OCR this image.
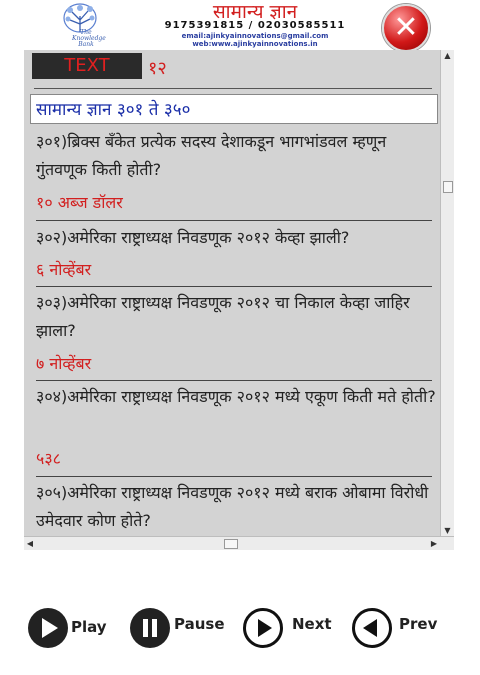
The Knowledge Bank
सामान्य ज्ञान
9175391815 / 02030585511
email:ajinkyainnovations@gmail.com
web:www.ajinkyainnovations.in	✕
TEXT	१२
सामान्य ज्ञान ३०१ ते ३५०
३०१)ब्रिक्स बँकेत प्रत्येक सदस्य देशाकडून भागभांडवल म्हणून गुंतवणूक किती होती?
१० अब्ज डॉलर
३०२)अमेरिका राष्ट्राध्यक्ष निवडणूक २०१२ केव्हा झाली?
६ नोव्हेंबर
३०३)अमेरिका राष्ट्राध्यक्ष निवडणूक २०१२ चा निकाल केव्हा जाहिर झाला?
७ नोव्हेंबर
३०४)अमेरिका राष्ट्राध्यक्ष निवडणूक २०१२ मध्ये एकूण किती मते होती?
५३८
३०५)अमेरिका राष्ट्राध्यक्ष निवडणूक २०१२ मध्ये बराक ओबामा विरोधी उमेदवार कोण होते?
▲
▼
◀	▶
Play	Pause	Next	Prev
